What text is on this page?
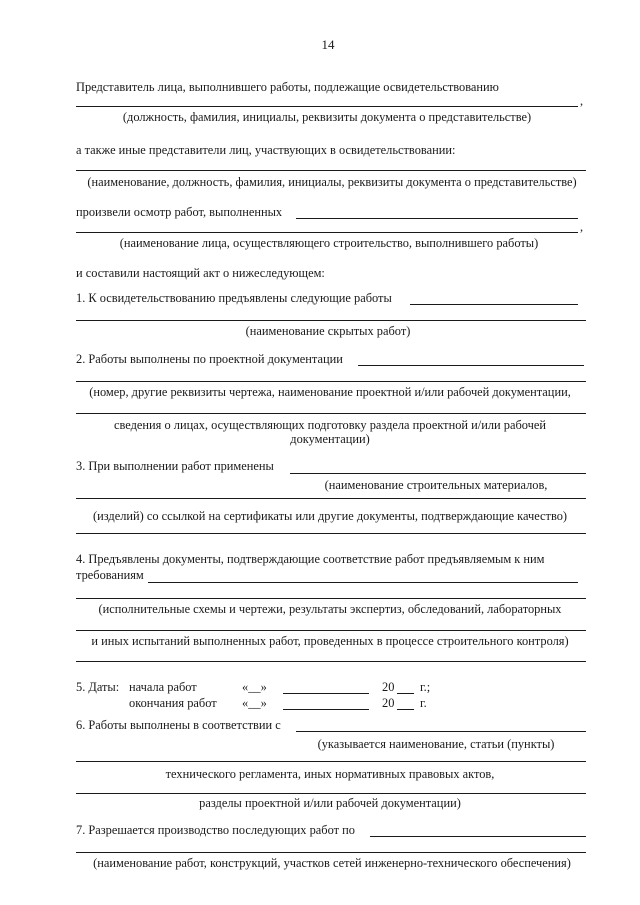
14
Представитель лица, выполнившего работы, подлежащие освидетельствованию
,
(должность, фамилия, инициалы, реквизиты документа о представительстве)
а также иные представители лиц, участвующих в освидетельствовании:
(наименование, должность, фамилия, инициалы, реквизиты документа о представительстве)
произвели осмотр работ, выполненных
,
(наименование лица, осуществляющего строительство, выполнившего работы)
и составили настоящий акт о нижеследующем:
1. К освидетельствованию предъявлены следующие работы
(наименование скрытых работ)
2. Работы выполнены по проектной документации
(номер, другие реквизиты чертежа, наименование проектной и/или рабочей документации,
сведения о лицах, осуществляющих подготовку раздела проектной и/или рабочей
документации)
3. При выполнении работ применены
(наименование строительных материалов,
(изделий) со ссылкой на сертификаты или другие документы, подтверждающие качество)
4. Предъявлены документы, подтверждающие соответствие работ предъявляемым к ним
требованиям
(исполнительные схемы и чертежи, результаты экспертиз, обследований, лабораторных
и иных испытаний выполненных работ, проведенных в процессе строительного контроля)
5. Даты: начала работ	«__»	20 г.;
окончания работ «__»	20 г.
6. Работы выполнены в соответствии с
(указывается наименование, статьи (пункты)
технического регламента, иных нормативных правовых актов,
разделы проектной и/или рабочей документации)
7. Разрешается производство последующих работ по
(наименование работ, конструкций, участков сетей инженерно-технического обеспечения)
